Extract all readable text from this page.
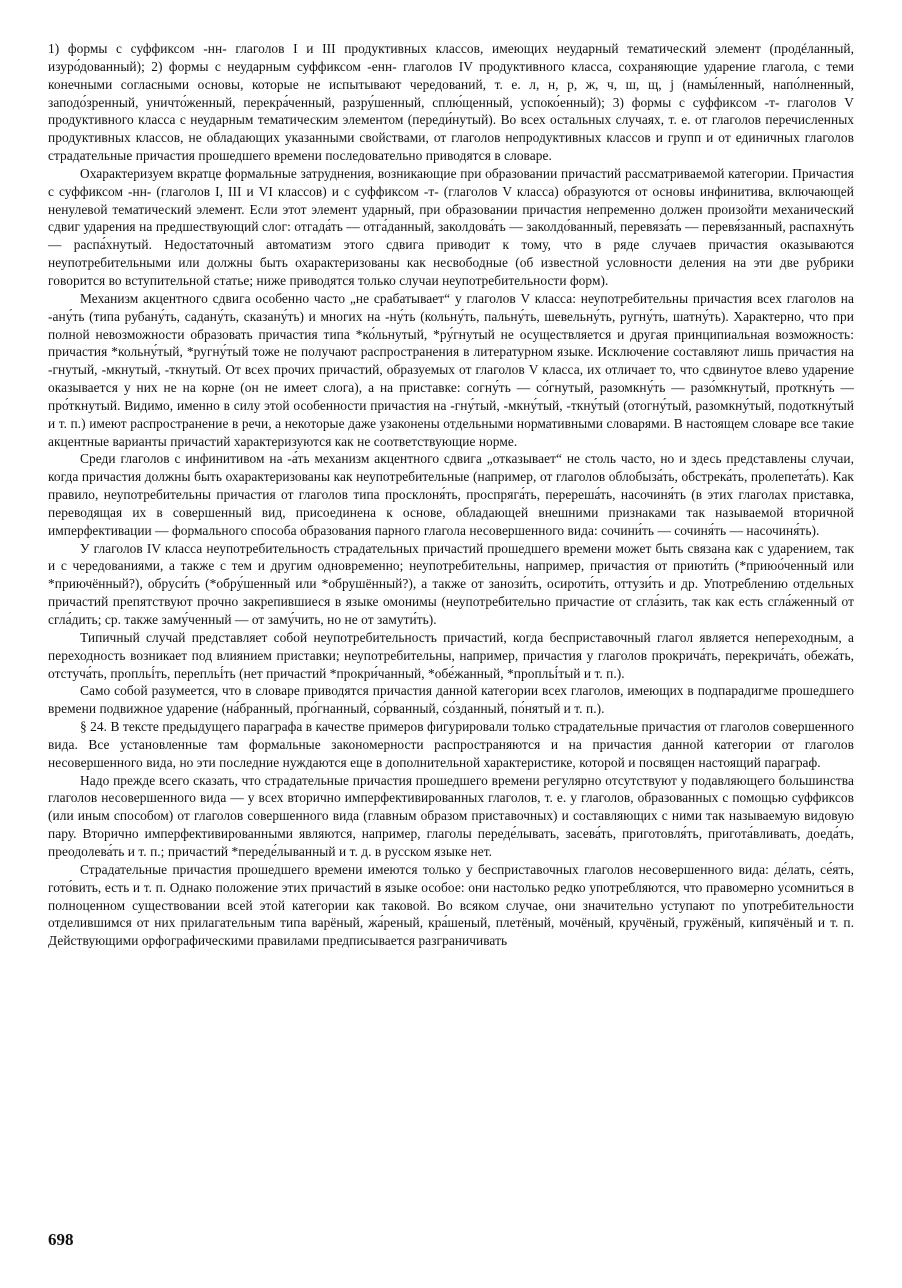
1) формы с суффиксом -нн- глаголов I и III продуктивных классов, имеющих неударный тематический элемент (продéланный, изуро́дованный); 2) формы с неударным суффиксом -енн- глаголов IV продуктивного класса, сохраняющие ударение глагола, с теми конечными согласными основы, которые не испытывают чередований, т. е. л, н, р, ж, ч, ш, щ, j (намы́ленный, напо́лненный, заподо́зренный, уничто́женный, перекра́ченный, разру́шенный, сплю́щенный, успоко́енный); 3) формы с суффиксом -т- глаголов V продуктивного класса с неударным тематическим элементом (переди́нутый). Во всех остальных случаях, т. е. от глаголов перечисленных продуктивных классов, не обладающих указанными свойствами, от глаголов непродуктивных классов и групп и от единичных глаголов страдательные причастия прошедшего времени последовательно приводятся в словаре.

Охарактеризуем вкратце формальные затруднения, возникающие при образовании причастий рассматриваемой категории. Причастия с суффиксом -нн- (глаголов I, III и VI классов) и с суффиксом -т- (глаголов V класса) образуются от основы инфинитива, включающей ненулевой тематический элемент. Если этот элемент ударный, при образовании причастия непременно должен произойти механический сдвиг ударения на предшествующий слог: отгада́ть — отга́данный, заколдова́ть — заколдо́ванный, перевяза́ть — перевя́занный, распахну́ть — распа́хнутый. Недостаточный автоматизм этого сдвига приводит к тому, что в ряде случаев причастия оказываются неупотребительными или должны быть охарактеризованы как несвободные (об известной условности деления на эти две рубрики говорится во вступительной статье; ниже приводятся только случаи неупотребительности форм).

Механизм акцентного сдвига особенно часто „не срабатывает“ у глаголов V класса: неупотребительны причастия всех глаголов на -ану́ть (типа рубану́ть, садану́ть, сказану́ть) и многих на -ну́ть (кольну́ть, пальну́ть, шевельну́ть, ругну́ть, шатну́ть). Характерно, что при полной невозможности образовать причастия типа *ко́льнутый, *ру́гнутый не осуществляется и другая принципиальная возможность: причастия *кольну́тый, *ругну́тый тоже не получают распространения в литературном языке. Исключение составляют лишь причастия на -гнутый, -мкнутый, -ткнутый. От всех прочих причастий, образуемых от глаголов V класса, их отличает то, что сдвинутое влево ударение оказывается у них не на корне (он не имеет слога), а на приставке: согну́ть — со́гнутый, разомкну́ть — разо́мкнутый, проткну́ть — про́ткнутый. Видимо, именно в силу этой особенности причастия на -гну́тый, -мкну́тый, -ткну́тый (отогну́тый, разомкну́тый, подоткну́тый и т. п.) имеют распространение в речи, а некоторые даже узаконены отдельными нормативными словарями. В настоящем словаре все такие акцентные варианты причастий характеризуются как не соответствующие норме.

Среди глаголов с инфинитивом на -а́ть механизм акцентного сдвига „отказывает“ не столь часто, но и здесь представлены случаи, когда причастия должны быть охарактеризованы как неупотребительные (например, от глаголов облобыза́ть, обстрека́ть, пролепета́ть). Как правило, неупотребительны причастия от глаголов типа просклоня́ть, проспряга́ть, перереша́ть, насочиня́ть (в этих глаголах приставка, переводящая их в совершенный вид, присоединена к основе, обладающей внешними признаками так называемой вторичной имперфективации — формального способа образования парного глагола несовершенного вида: сочини́ть — сочиня́ть — насочиня́ть).

У глаголов IV класса неупотребительность страдательных причастий прошедшего времени может быть связана как с ударением, так и с чередованиями, а также с тем и другим одновременно; неупотребительны, например, причастия от приюти́ть (*приюо́ченный или *приючённый?), обруси́ть (*обру́шенный или *обрушённый?), а также от занози́ть, осироти́ть, оттузи́ть и др. Употреблению отдельных причастий препятствуют прочно закрепившиеся в языке омонимы (неупотребительно причастие от сгла́зить, так как есть сгла́женный от сгла́дить; ср. также заму́ченный — от заму́чить, но не от замути́ть).

Типичный случай представляет собой неупотребительность причастий, когда бесприставочный глагол является непереходным, а переходность возникает под влиянием приставки; неупотребительны, например, причастия у глаголов прокрича́ть, перекрича́ть, обежа́ть, отстуча́ть, пропльі́ть, перепльі́ть (нет причастий *прокри́чанный, *обе́жанный, *пропльі́тый и т. п.).

Само собой разумеется, что в словаре приводятся причастия данной категории всех глаголов, имеющих в подпарадигме прошедшего времени подвижное ударение (на́бранный, про́гнанный, со́рванный, со́зданный, по́нятый и т. п.).

§ 24. В тексте предыдущего параграфа в качестве примеров фигурировали только страдательные причастия от глаголов совершенного вида. Все установленные там формальные закономерности распространяются и на причастия данной категории от глаголов несовершенного вида, но эти последние нуждаются еще в дополнительной характеристике, которой и посвящен настоящий параграф.

Надо прежде всего сказать, что страдательные причастия прошедшего времени регулярно отсутствуют у подавляющего большинства глаголов несовершенного вида — у всех вторично имперфективированных глаголов, т. е. у глаголов, образованных с помощью суффиксов (или иным способом) от глаголов совершенного вида (главным образом приставочных) и составляющих с ними так называемую видовую пару. Вторично имперфективированными являются, например, глаголы переде́лывать, засева́ть, приготовля́ть, пригота́вливать, доеда́ть, преодолева́ть и т. п.; причастий *переде́лыванный и т. д. в русском языке нет.

Страдательные причастия прошедшего времени имеются только у бесприставочных глаголов несовершенного вида: де́лать, се́ять, гото́вить, есть и т. п. Однако положение этих причастий в языке особое: они настолько редко употребляются, что правомерно усомниться в полноценном существовании всей этой категории как таковой. Во всяком случае, они значительно уступают по употребительности отделившимся от них прилагательным типа варёный, жа́реный, кра́шеный, плетёный, мочёный, кручёный, гружёный, кипячёный и т. п. Действующими орфографическими правилами предписывается разграничивать

698
